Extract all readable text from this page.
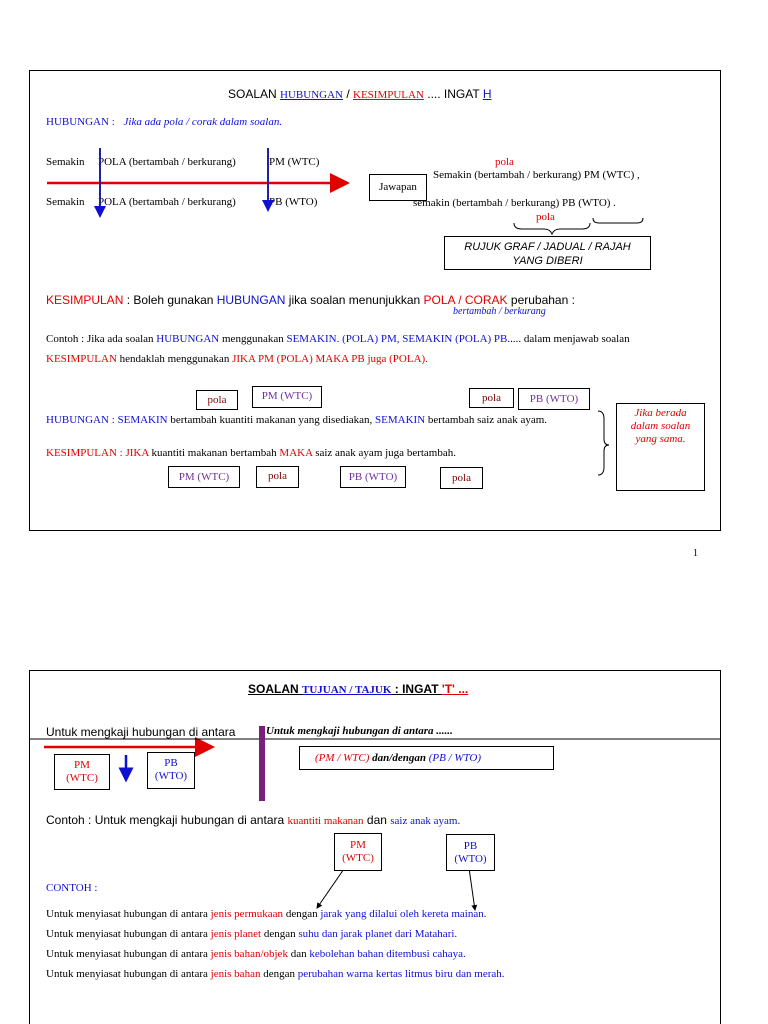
SOALAN HUBUNGAN / KESIMPULAN .... INGAT H
HUBUNGAN : Jika ada pola / corak dalam soalan.
Semakin POLA (bertambah / berkurang)	PM (WTC)
Semakin POLA (bertambah / berkurang)	PB (WTO)
Jawapan
pola
Semakin (bertambah / berkurang) PM (WTC) ,
semakin (bertambah / berkurang) PB (WTO) .
pola
RUJUK GRAF / JADUAL / RAJAH
YANG DIBERI
KESIMPULAN : Boleh gunakan HUBUNGAN jika soalan menunjukkan POLA / CORAK perubahan :
bertambah / berkurang
Contoh : Jika ada soalan HUBUNGAN menggunakan SEMAKIN. (POLA) PM, SEMAKIN (POLA) PB..... dalam menjawab soalan
KESIMPULAN hendaklah menggunakan JIKA PM (POLA) MAKA PB juga (POLA).
pola	PM (WTC)	pola	PB (WTO)
HUBUNGAN : SEMAKIN bertambah kuantiti makanan yang disediakan, SEMAKIN bertambah saiz anak ayam.
KESIMPULAN : JIKA kuantiti makanan bertambah MAKA saiz anak ayam juga bertambah.
PM (WTC)	pola	PB (WTO)	pola
Jika berada dalam soalan yang sama.
1
SOALAN TUJUAN / TAJUK : INGAT 'T' ...
Untuk mengkaji hubungan di antara	Untuk mengkaji hubungan di antara ......
PM
(WTC)
PB
(WTO)
(PM / WTC) dan/dengan (PB / WTO)
Contoh : Untuk mengkaji hubungan di antara kuantiti makanan dan saiz anak ayam.
PM
(WTC)
PB
(WTO)
CONTOH :
Untuk menyiasat hubungan di antara jenis permukaan dengan jarak yang dilalui oleh kereta mainan.
Untuk menyiasat hubungan di antara jenis planet dengan suhu dan jarak planet dari Matahari.
Untuk menyiasat hubungan di antara jenis bahan/objek dan kebolehan bahan ditembusi cahaya.
Untuk menyiasat hubungan di antara jenis bahan dengan perubahan warna kertas litmus biru dan merah.
